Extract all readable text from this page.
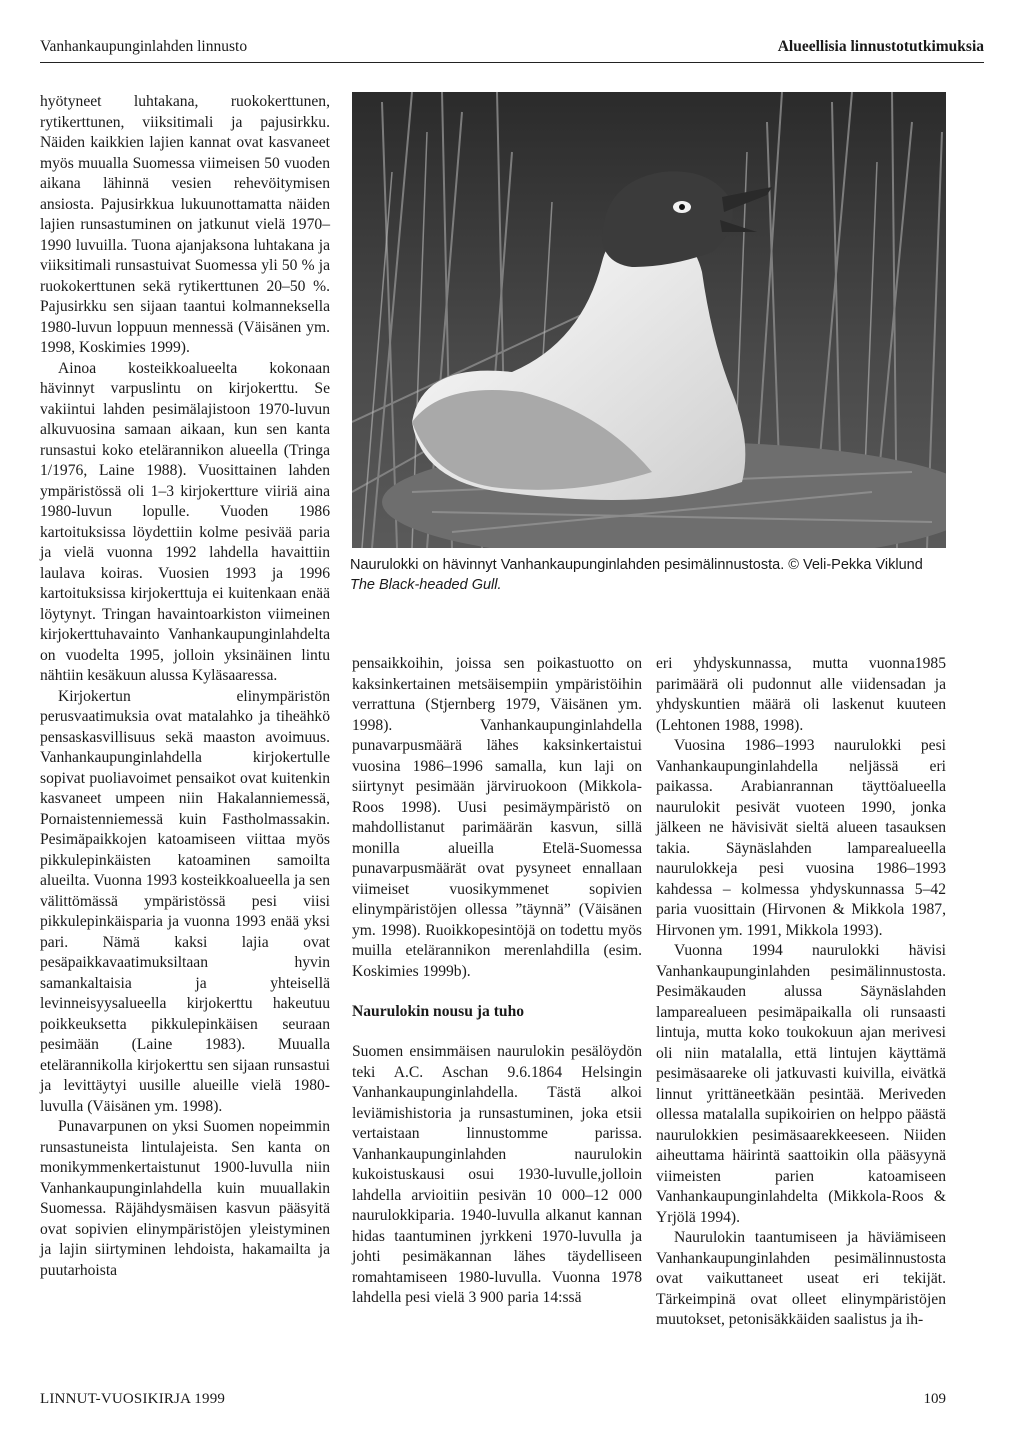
Vanhankaupunginlahden linnusto	Alueellisia linnustotutkimuksia

hyötyneet luhtakana, ruokokerttunen, rytikerttunen, viiksitimali ja pajusirkku. Näiden kaikkien lajien kannat ovat kasvaneet myös muualla Suomessa viimeisen 50 vuoden aikana lähinnä vesien rehevöitymisen ansiosta. Pajusirkkua lukuunottamatta näiden lajien runsastuminen on jatkunut vielä 1970–1990 luvuilla. Tuona ajanjaksona luhtakana ja viiksitimali runsastuivat Suomessa yli 50 % ja ruokokerttunen sekä rytikerttunen 20–50 %. Pajusirkku sen sijaan taantui kolmanneksella 1980-luvun loppuun mennessä (Väisänen ym. 1998, Koskimies 1999).

Ainoa kosteikkoalueelta kokonaan hävinnyt varpuslintu on kirjokerttu. Se vakiintui lahden pesimälajistoon 1970-luvun alkuvuosina samaan aikaan, kun sen kanta runsastui koko etelärannikon alueella (Tringa 1/1976, Laine 1988). Vuosittainen lahden ympäristössä oli 1–3 kirjokertture viiriä aina 1980-luvun lopulle. Vuoden 1986 kartoituksissa löydettiin kolme pesivää paria ja vielä vuonna 1992 lahdella havaittiin laulava koiras. Vuosien 1993 ja 1996 kartoituksissa kirjokerttuja ei kuitenkaan enää löytynyt. Tringan havaintoarkiston viimeinen kirjokerttuhavainto Vanhankaupunginlahdelta on vuodelta 1995, jolloin yksinäinen lintu nähtiin kesäkuun alussa Kyläsaaressa.

Kirjokertun elinympäristön perusvaatimuksia ovat matalahko ja tiheähkö pensaskasvillisuus sekä maaston avoimuus. Vanhankaupunginlahdella kirjokertulle sopivat puoliavoimet pensaikot ovat kuitenkin kasvaneet umpeen niin Hakalanniemessä, Pornaistenniemessä kuin Fastholmassakin. Pesimäpaikkojen katoamiseen viittaa myös pikkulepinkäisten katoaminen samoilta alueilta. Vuonna 1993 kosteikkoalueella ja sen välittömässä ympäristössä pesi viisi pikkulepinkäisparia ja vuonna 1993 enää yksi pari. Nämä kaksi lajia ovat pesäpaikkavaatimuksiltaan hyvin samankaltaisia ja yhteisellä levinneisyysalueella kirjokerttu hakeutuu poikkeuksetta pikkulepinkäisen seuraan pesimään (Laine 1983). Muualla etelärannikolla kirjokerttu sen sijaan runsastui ja levittäytyi uusille alueille vielä 1980-luvulla (Väisänen ym. 1998).

Punavarpunen on yksi Suomen nopeimmin runsastuneista lintulajeista. Sen kanta on monikymmenkertaistunut 1900-luvulla niin Vanhankaupunginlahdella kuin muuallakin Suomessa. Räjähdysmäisen kasvun pääsyitä ovat sopivien elinympäristöjen yleistyminen ja lajin siirtyminen lehdoista, hakamailta ja puutarhoista

Naurulokki on hävinnyt Vanhankaupunginlahden pesimälinnustosta. © Veli-Pekka Viklund
The Black-headed Gull.

pensaikkoihin, joissa sen poikastuotto on kaksinkertainen metsäisempiin ympäristöihin verrattuna (Stjernberg 1979, Väisänen ym. 1998). Vanhankaupunginlahdella punavarpusmäärä lähes kaksinkertaistui vuosina 1986–1996 samalla, kun laji on siirtynyt pesimään järviruokoon (Mikkola-Roos 1998). Uusi pesimäympäristö on mahdollistanut parimäärän kasvun, sillä monilla alueilla Etelä-Suomessa punavarpusmäärät ovat pysyneet ennallaan viimeiset vuosikymmenet sopivien elinympäristöjen ollessa ”täynnä” (Väisänen ym. 1998). Ruoikkopesintöjä on todettu myös muilla etelärannikon merenlahdilla (esim. Koskimies 1999b).

Naurulokin nousu ja tuho

Suomen ensimmäisen naurulokin pesälöydön teki A.C. Aschan 9.6.1864 Helsingin Vanhankaupunginlahdella. Tästä alkoi leviämishistoria ja runsastuminen, joka etsii vertaistaan linnustomme parissa. Vanhankaupunginlahden naurulokin kukoistuskausi osui 1930-luvulle,jolloin lahdella arvioitiin pesivän 10 000–12 000 naurulokkiparia. 1940-luvulla alkanut kannan hidas taantuminen jyrkkeni 1970-luvulla ja johti pesimäkannan lähes täydelliseen romahtamiseen 1980-luvulla. Vuonna 1978 lahdella pesi vielä 3 900 paria 14:ssä

eri yhdyskunnassa, mutta vuonna1985 parimäärä oli pudonnut alle viidensadan ja yhdyskuntien määrä oli laskenut kuuteen (Lehtonen 1988, 1998).

Vuosina 1986–1993 naurulokki pesi Vanhankaupunginlahdella neljässä eri paikassa. Arabianrannan täyttöalueella naurulokit pesivät vuoteen 1990, jonka jälkeen ne hävisivät sieltä alueen tasauksen takia. Säynäslahden lamparealueella naurulokkeja pesi vuosina 1986–1993 kahdessa – kolmessa yhdyskunnassa 5–42 paria vuosittain (Hirvonen & Mikkola 1987, Hirvonen ym. 1991, Mikkola 1993).

Vuonna 1994 naurulokki hävisi Vanhankaupunginlahden pesimälinnustosta. Pesimäkauden alussa Säynäslahden lamparealueen pesimäpaikalla oli runsaasti lintuja, mutta koko toukokuun ajan merivesi oli niin matalalla, että lintujen käyttämä pesimäsaareke oli jatkuvasti kuivilla, eivätkä linnut yrittäneetkään pesintää. Meriveden ollessa matalalla supikoirien on helppo päästä naurulokkien pesimäsaarekkeeseen. Niiden aiheuttama häirintä saattoikin olla pääsyynä viimeisten parien katoamiseen Vanhankaupunginlahdelta (Mikkola-Roos & Yrjölä 1994).

Naurulokin taantumiseen ja häviämiseen Vanhankaupunginlahden pesimälinnustosta ovat vaikuttaneet useat eri tekijät. Tärkeimpinä ovat olleet elinympäristöjen muutokset, petonisäkkäiden saalistus ja ih-

LINNUT-VUOSIKIRJA 1999	109
